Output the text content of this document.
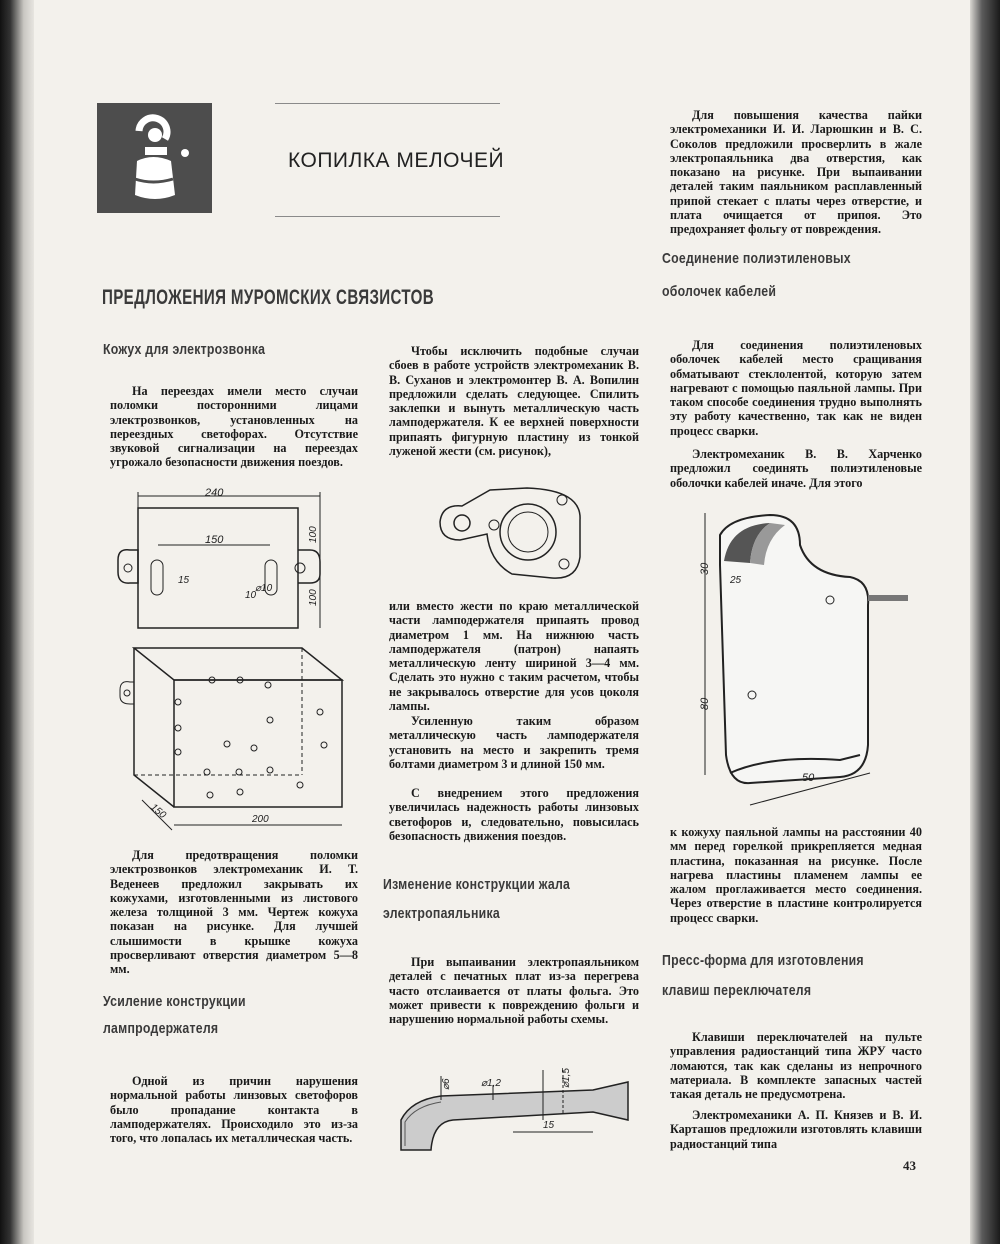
КОПИЛКА МЕЛОЧЕЙ
ПРЕДЛОЖЕНИЯ МУРОМСКИХ СВЯЗИСТОВ
Кожух для электрозвонка
На переездах имели место случаи поломки посторонними лицами электрозвонков, установленных на переездных светофорах. Отсутствие звуковой сигнализации на переездах угрожало безопасности движения поездов.
240
150
15
10
⌀10
100
100
150	200
Для предотвращения поломки электрозвонков электромеханик И. Т. Веденеев предложил закрывать их кожухами, изготовленными из листового железа толщиной 3 мм. Чертеж кожуха показан на рисунке. Для лучшей слышимости в крышке кожуха просверливают отверстия диаметром 5—8 мм.
Усиление конструкции
лампродержателя
Одной из причин нарушения нормальной работы линзовых светофоров было пропадание контакта в ламподержателях. Происходило это из-за того, что лопалась их металлическая часть.
Чтобы исключить подобные случаи сбоев в работе устройств электромеханик В. В. Суханов и электромонтер В. А. Вопилин предложили сделать следующее. Спилить заклепки и вынуть металлическую часть ламподержателя. К ее верхней поверхности припаять фигурную пластину из тонкой луженой жести (см. рисунок),
или вместо жести по краю металлической части ламподержателя припаять провод диаметром 1 мм. На нижнюю часть ламподержателя (патрон) напаять металлическую ленту шириной 3—4 мм. Сделать это нужно с таким расчетом, чтобы не закрывалось отверстие для усов цоколя лампы.
Усиленную таким образом металлическую часть ламподержателя установить на место и закрепить тремя болтами диаметром 3 и длиной 150 мм.
С внедрением этого предложения увеличилась надежность работы линзовых светофоров и, следовательно, повысилась безопасность движения поездов.
Изменение конструкции жала
электропаяльника
При выпаивании электропаяльником деталей с печатных плат из-за перегрева часто отслаивается от платы фольга. Это может привести к повреждению фольги и нарушению нормальной работы схемы.
⌀6	⌀1,2	⌀1,5
15
Для повышения качества пайки электромеханики И. И. Ларюшкин и В. С. Соколов предложили просверлить в жале электропаяльника два отверстия, как показано на рисунке. При выпаивании деталей таким паяльником расплавленный припой стекает с платы через отверстие, и плата очищается от припоя. Это предохраняет фольгу от повреждения.
Соединение полиэтиленовых
оболочек кабелей
Для соединения полиэтиленовых оболочек кабелей место сращивания обматывают стеклолентой, которую затем нагревают с помощью паяльной лампы. При таком способе соединения трудно выполнять эту работу качественно, так как не виден процесс сварки.
Электромеханик В. В. Харченко предложил соединять полиэтиленовые оболочки кабелей иначе. Для этого
30
25
80
50
к кожуху паяльной лампы на расстоянии 40 мм перед горелкой прикрепляется медная пластина, показанная на рисунке. После нагрева пластины пламенем лампы ее жалом проглаживается место соединения. Через отверстие в пластине контролируется процесс сварки.
Пресс-форма для изготовления
клавиш переключателя
Клавиши переключателей на пульте управления радиостанций типа ЖРУ часто ломаются, так как сделаны из непрочного материала. В комплекте запасных частей такая деталь не предусмотрена.
Электромеханики А. П. Князев и В. И. Карташов предложили изготовлять клавиши радиостанций типа
43
